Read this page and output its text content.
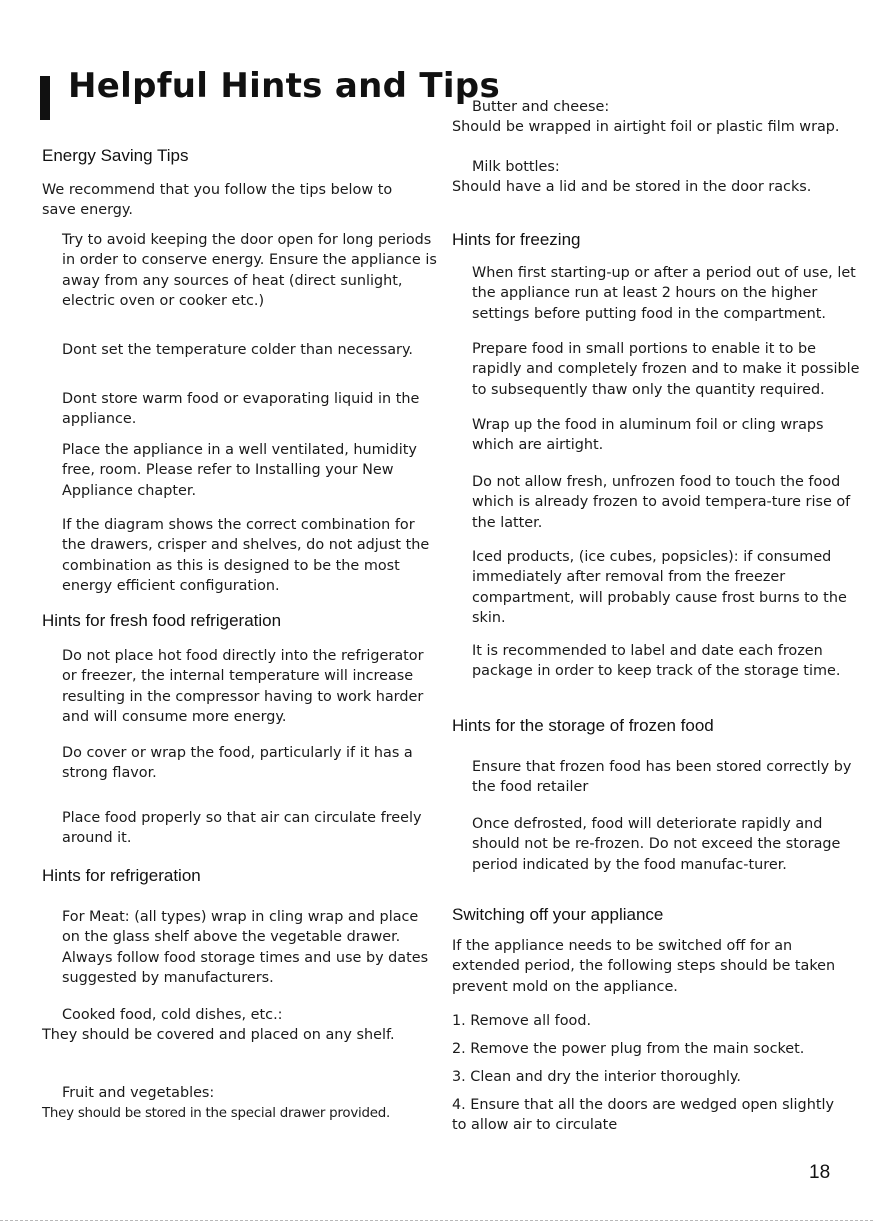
Helpful Hints and Tips
Energy Saving Tips

We recommend that you follow the tips below to save energy.

Try to avoid keeping the door open for long periods in order to conserve energy. Ensure the appliance is away from any sources of heat (direct sunlight, electric oven or cooker etc.)

Dont set the temperature colder than necessary.

Dont store warm food or evaporating liquid in the appliance.

Place the appliance in a well ventilated, humidity free, room. Please refer to Installing your New Appliance chapter.

If the diagram shows the correct combination for the drawers, crisper and shelves, do not adjust the combination as this is designed to be the most energy efficient configuration.

Hints for fresh food refrigeration

Do not place hot food directly into the refrigerator or freezer, the internal temperature will increase resulting in the compressor having to work harder and will consume more energy.

Do cover or wrap the food, particularly if it has a strong flavor.

Place food properly so that air can circulate freely around it.

Hints for refrigeration

For Meat: (all types) wrap in cling wrap and place on the glass shelf above the vegetable drawer. Always follow food storage times and use by dates suggested by manufacturers.

Cooked food, cold dishes, etc.:

They should be covered and placed on any shelf.

Fruit and vegetables:

They should be stored in the special drawer provided.

Butter and cheese:

Should be wrapped in airtight foil or plastic film wrap.

Milk bottles:

Should have a lid and be stored in the door racks.

Hints for freezing

When first starting-up or after a period out of use, let the appliance run at least 2 hours on the higher settings before putting food in the compartment.

Prepare food in small portions to enable it to be rapidly and completely frozen and to make it possible to subsequently thaw only the quantity required.

Wrap up the food in aluminum foil or cling wraps which are airtight.

Do not allow fresh, unfrozen food to touch the food which is already frozen to avoid tempera-ture rise of the latter.

Iced products, (ice cubes, popsicles): if consumed immediately after removal from the freezer compartment, will probably cause frost burns to the skin.

It is recommended to label and date each frozen package in order to keep track of the storage time.

Hints for the storage of frozen food

Ensure that frozen food has been stored correctly by the food retailer

Once defrosted, food will deteriorate rapidly and should not be re-frozen. Do not exceed the storage period indicated by the food manufac-turer.

Switching off your appliance

If the appliance needs to be switched off for an extended period, the following steps should be taken prevent mold on the appliance.

1. Remove all food.

2. Remove the power plug from the main socket.

3. Clean and dry the interior thoroughly.

4. Ensure that all the doors are wedged open slightly to allow air to circulate

18
